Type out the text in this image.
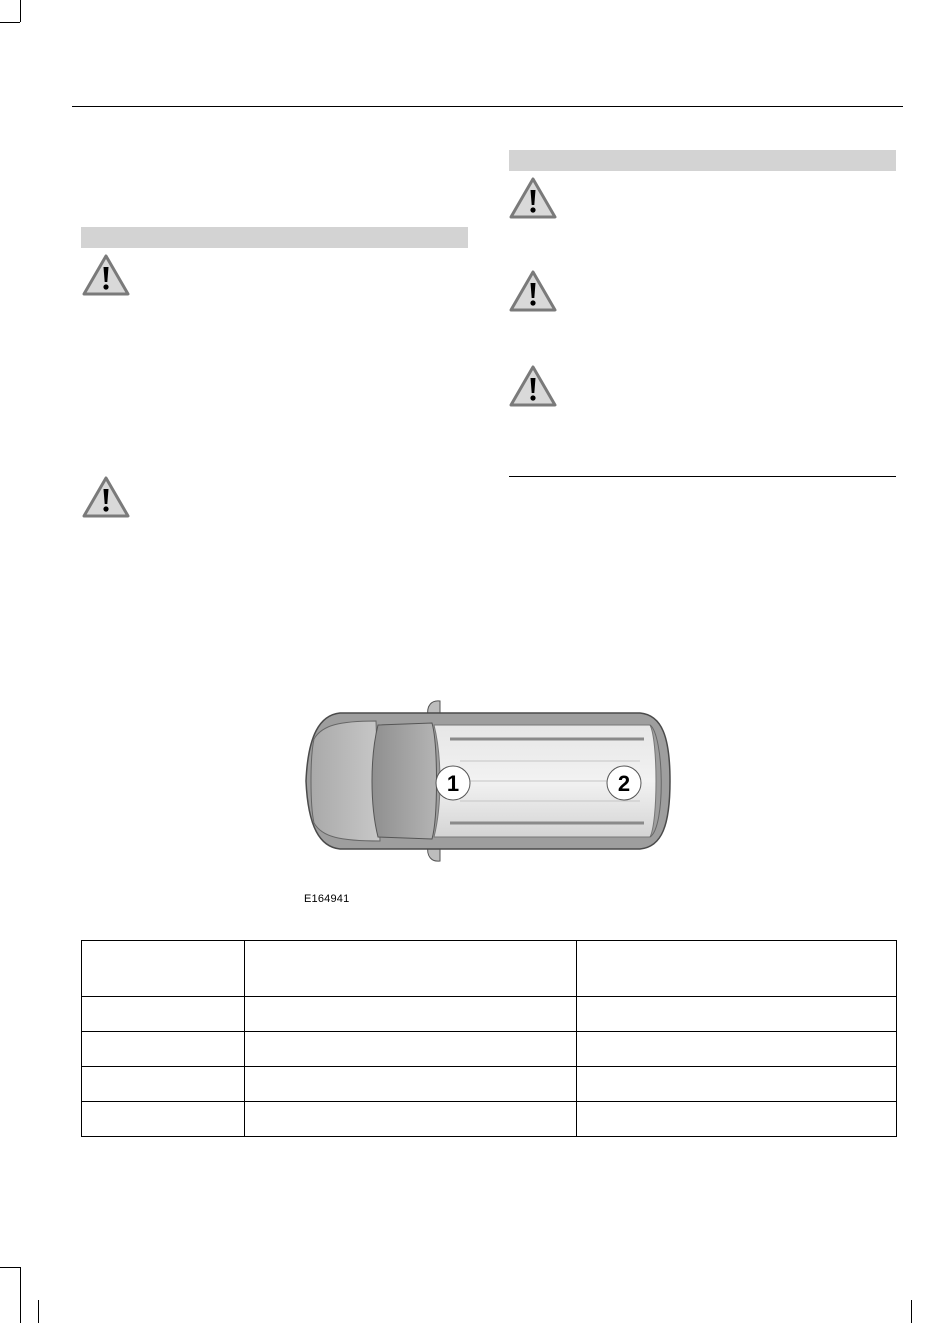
1	2
E164941
